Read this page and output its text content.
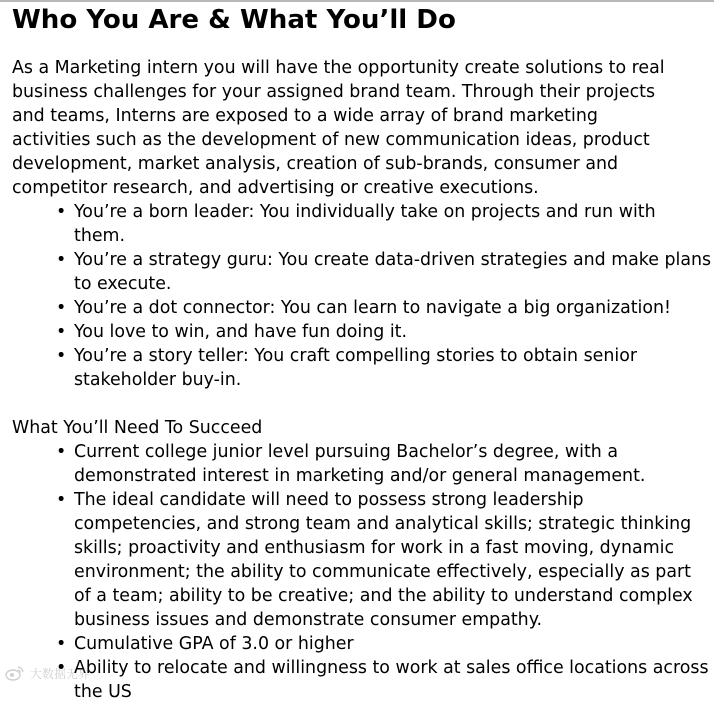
Who You Are & What You’ll Do

As a Marketing intern you will have the opportunity create solutions to real business challenges for your assigned brand team. Through their projects and teams, Interns are exposed to a wide array of brand marketing activities such as the development of new communication ideas, product development, market analysis, creation of sub-brands, consumer and competitor research, and advertising or creative executions.

• You’re a born leader: You individually take on projects and run with them.
• You’re a strategy guru: You create data-driven strategies and make plans to execute.
• You’re a dot connector: You can learn to navigate a big organization!
• You love to win, and have fun doing it.
• You’re a story teller: You craft compelling stories to obtain senior stakeholder buy-in.

What You’ll Need To Succeed

• Current college junior level pursuing Bachelor’s degree, with a demonstrated interest in marketing and/or general management.
• The ideal candidate will need to possess strong leadership competencies, and strong team and analytical skills; strategic thinking skills; proactivity and enthusiasm for work in a fast moving, dynamic environment; the ability to communicate effectively, especially as part of a team; ability to be creative; and the ability to understand complex business issues and demonstrate consumer empathy.
• Cumulative GPA of 3.0 or higher
• Ability to relocate and willingness to work at sales office locations across the US
大数据无界
